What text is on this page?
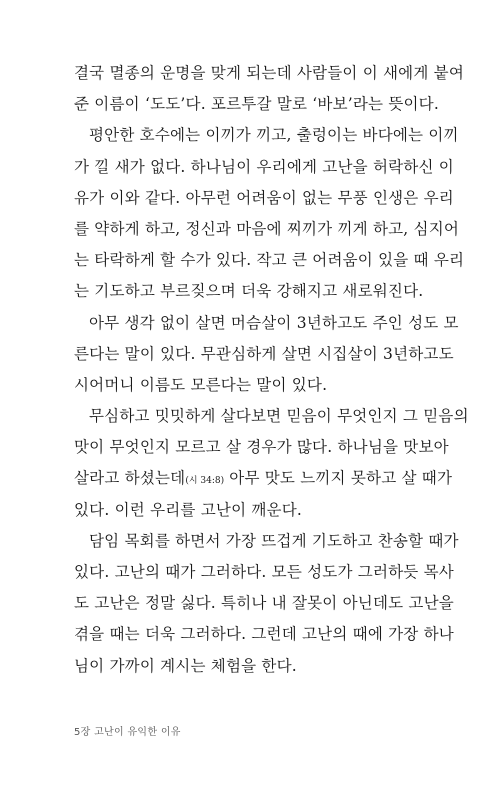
결국 멸종의 운명을 맞게 되는데 사람들이 이 새에게 붙여
준 이름이 ‘도도’다. 포르투갈 말로 ‘바보’라는 뜻이다.
평안한 호수에는 이끼가 끼고, 출렁이는 바다에는 이끼
가 낄 새가 없다. 하나님이 우리에게 고난을 허락하신 이
유가 이와 같다. 아무런 어려움이 없는 무풍 인생은 우리
를 약하게 하고, 정신과 마음에 찌끼가 끼게 하고, 심지어
는 타락하게 할 수가 있다. 작고 큰 어려움이 있을 때 우리
는 기도하고 부르짖으며 더욱 강해지고 새로워진다.
아무 생각 없이 살면 머슴살이 3년하고도 주인 성도 모
른다는 말이 있다. 무관심하게 살면 시집살이 3년하고도
시어머니 이름도 모른다는 말이 있다.
무심하고 밋밋하게 살다보면 믿음이 무엇인지 그 믿음의
맛이 무엇인지 모르고 살 경우가 많다. 하나님을 맛보아
살라고 하셨는데(시 34:8) 아무 맛도 느끼지 못하고 살 때가
있다. 이런 우리를 고난이 깨운다.
담임 목회를 하면서 가장 뜨겁게 기도하고 찬송할 때가
있다. 고난의 때가 그러하다. 모든 성도가 그러하듯 목사
도 고난은 정말 싫다. 특히나 내 잘못이 아닌데도 고난을
겪을 때는 더욱 그러하다. 그런데 고난의 때에 가장 하나
님이 가까이 계시는 체험을 한다.
5장 고난이 유익한 이유
